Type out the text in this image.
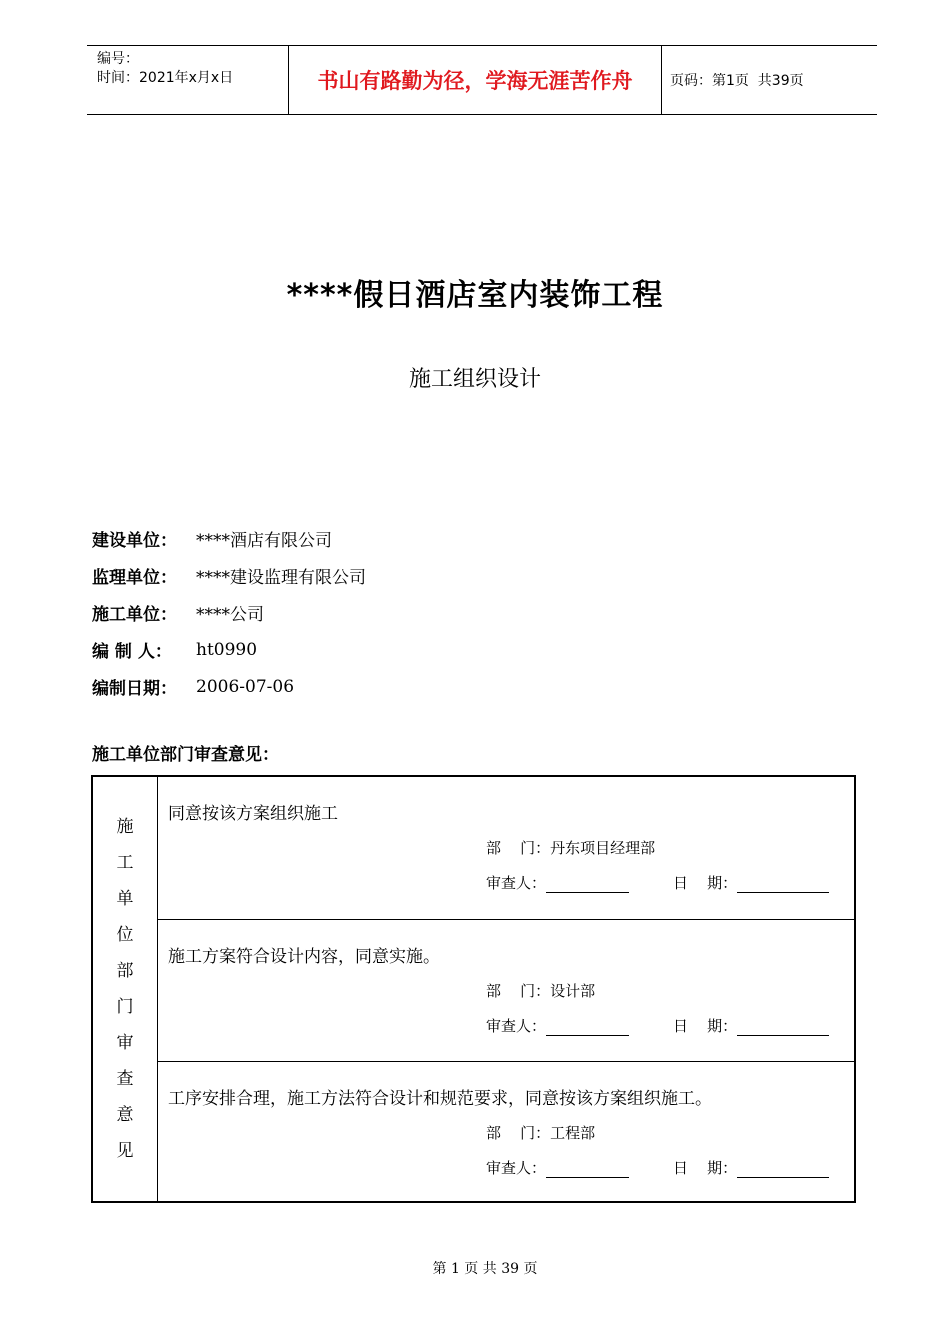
编号：
时间：2021年x月x日	书山有路勤为径，学海无涯苦作舟	页码：第1页  共39页
****假日酒店室内装饰工程
施工组织设计
建设单位：	****酒店有限公司
监理单位：	****建设监理有限公司
施工单位：	****公司
编 制 人：	ht0990
编制日期：	2006-07-06
施工单位部门审查意见：
施
工
单
位
部
门
审
查
意
见
同意按该方案组织施工
部    门：丹东项目经理部
审查人：	日    期：
施工方案符合设计内容，同意实施。
部    门：设计部
审查人：	日    期：
工序安排合理，施工方法符合设计和规范要求，同意按该方案组织施工。
部    门：工程部
审查人：	日    期：
第 1 页 共 39 页
